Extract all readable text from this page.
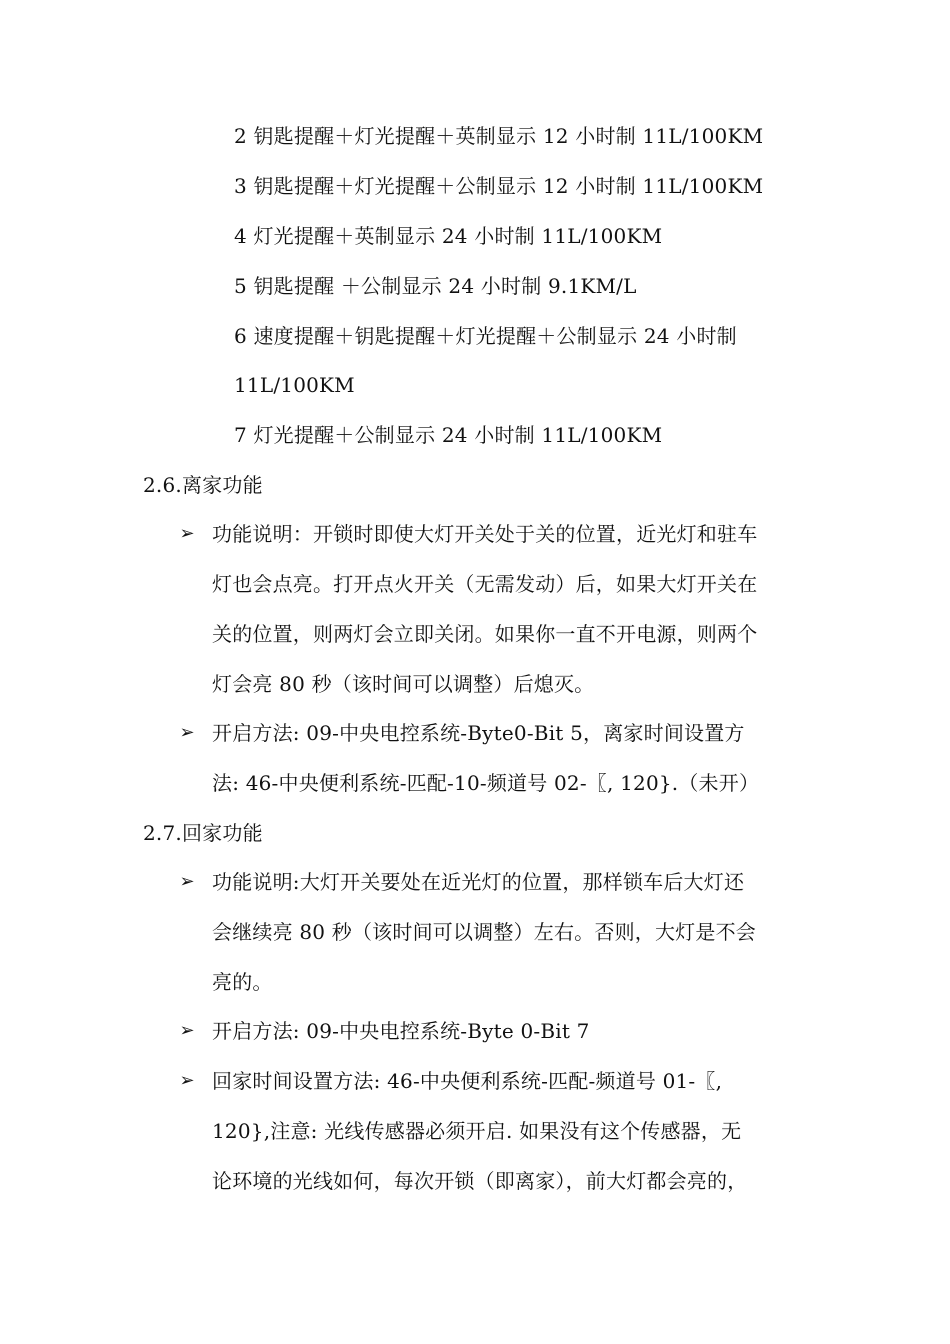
2 钥匙提醒＋灯光提醒＋英制显示 12 小时制 11L/100KM
3 钥匙提醒＋灯光提醒＋公制显示 12 小时制 11L/100KM
4 灯光提醒＋英制显示 24 小时制 11L/100KM
5 钥匙提醒 ＋公制显示 24 小时制 9.1KM/L
6 速度提醒＋钥匙提醒＋灯光提醒＋公制显示 24 小时制
11L/100KM
7 灯光提醒＋公制显示 24 小时制 11L/100KM
2.6.离家功能
➢ 功能说明：开锁时即使大灯开关处于关的位置，近光灯和驻车
灯也会点亮。打开点火开关（无需发动）后，如果大灯开关在
关的位置，则两灯会立即关闭。如果你一直不开电源，则两个
灯会亮 80 秒（该时间可以调整）后熄灭。
➢ 开启方法: 09-中央电控系统-Byte0-Bit 5，离家时间设置方
法: 46-中央便利系统-匹配-10-频道号 02-〖, 120}.（未开）
2.7.回家功能
➢ 功能说明:大灯开关要处在近光灯的位置，那样锁车后大灯还
会继续亮 80 秒（该时间可以调整）左右。否则，大灯是不会
亮的。
➢ 开启方法: 09-中央电控系统-Byte 0-Bit 7
➢ 回家时间设置方法: 46-中央便利系统-匹配-频道号 01-〖,
120},注意: 光线传感器必须开启. 如果没有这个传感器，无
论环境的光线如何，每次开锁（即离家），前大灯都会亮的，
